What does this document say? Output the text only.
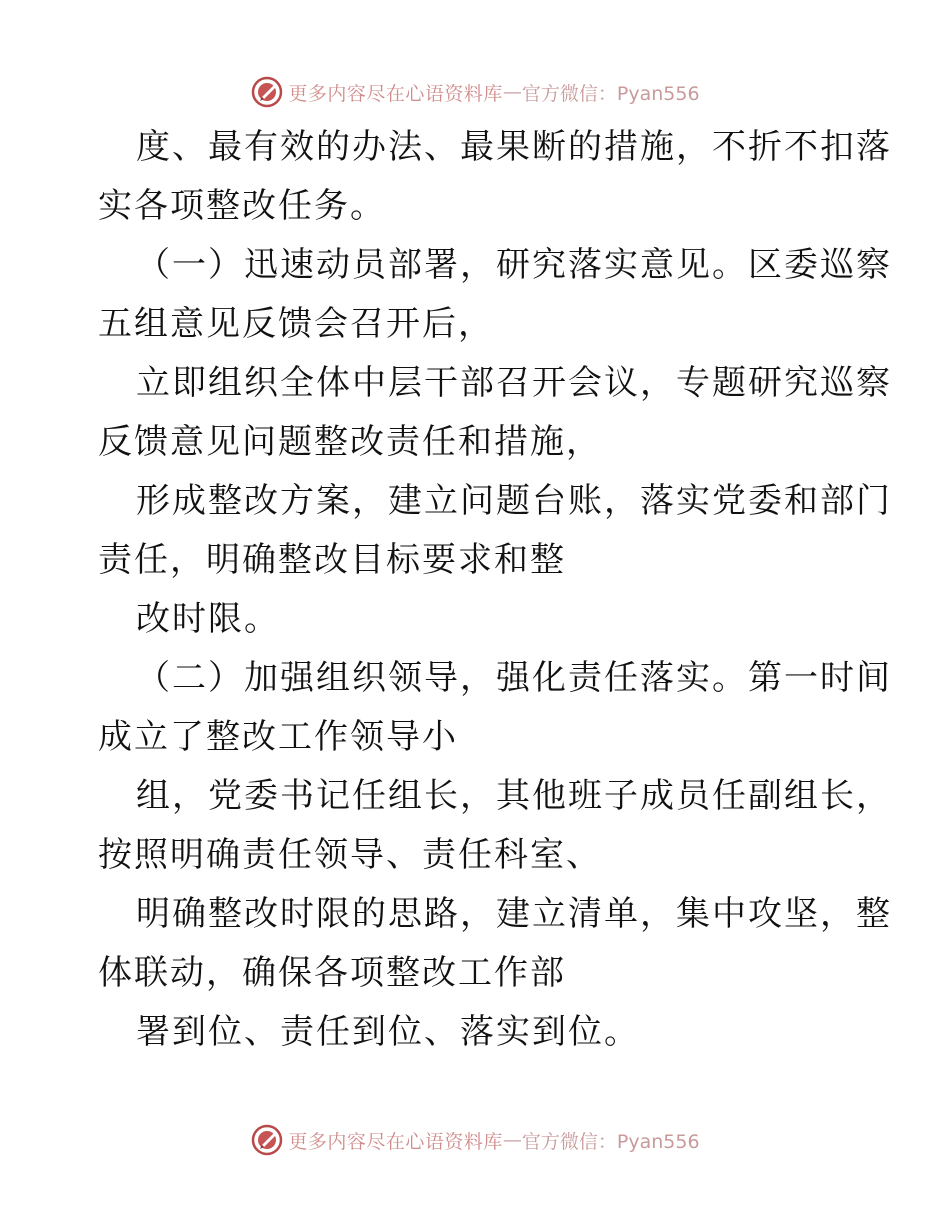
更多内容尽在心语资料库 — 官方微信：Pyan556
度、最有效的办法、最果断的措施，不折不扣落
实各项整改任务。
（一）迅速动员部署，研究落实意见。区委巡察
五组意见反馈会召开后，
立即组织全体中层干部召开会议，专题研究巡察
反馈意见问题整改责任和措施，
形成整改方案，建立问题台账，落实党委和部门
责任，明确整改目标要求和整
改时限。
（二）加强组织领导，强化责任落实。第一时间
成立了整改工作领导小
组，党委书记任组长，其他班子成员任副组长，
按照明确责任领导、责任科室、
明确整改时限的思路，建立清单，集中攻坚，整
体联动，确保各项整改工作部
署到位、责任到位、落实到位。
更多内容尽在心语资料库 — 官方微信：Pyan556
